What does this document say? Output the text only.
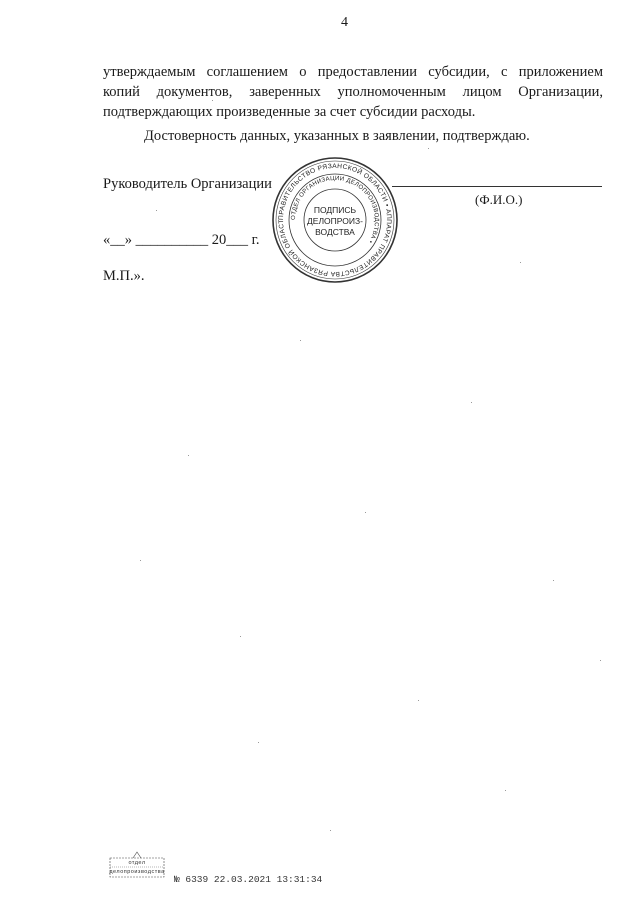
4
утверждаемым соглашением о предоставлении субсидии, с приложением
копий документов, заверенных уполномоченным лицом Организации,
подтверждающих произведенные за счет субсидии расходы.
Достоверность данных, указанных в заявлении, подтверждаю.
Руководитель Организации
(Ф.И.О.)
«__» __________ 20___ г.
М.П.».
ПРАВИТЕЛЬСТВО РЯЗАНСКОЙ ОБЛАСТИ • АППАРАТ ПРАВИТЕЛЬСТВА РЯЗАНСКОЙ ОБЛАСТ
ОТДЕЛ ОРГАНИЗАЦИИ ДЕЛОПРОИЗВОДСТВА •
ПОДПИСЬ
ДЕЛОПРОИЗ-
ВОДСТВА
отдел
делопроизводства
№ 6339 22.03.2021 13:31:34
